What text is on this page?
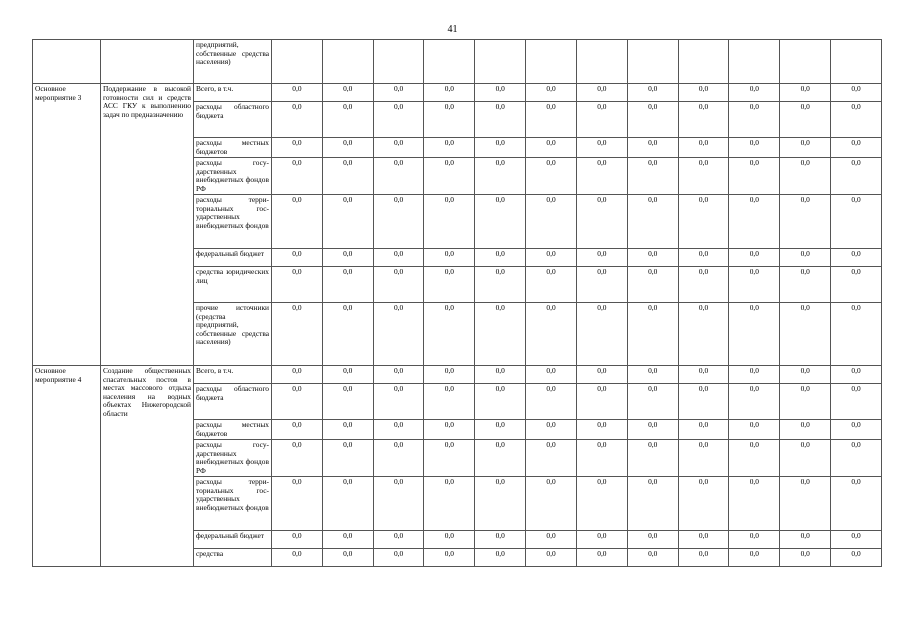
41
		предприятий, собственные средства населения)												
Основное мероприятие 3	Поддержание в высокой готовности сил и средств АСС ГКУ к выполнению задач по предназначению	Всего, в т.ч.	0,0	0,0	0,0	0,0	0,0	0,0	0,0	0,0	0,0	0,0	0,0	0,0
		расходы областного бюджета	0,0	0,0	0,0	0,0	0,0	0,0	0,0	0,0	0,0	0,0	0,0	0,0
		расходы местных бюджетов	0,0	0,0	0,0	0,0	0,0	0,0	0,0	0,0	0,0	0,0	0,0	0,0
		расходы государственных внебюджетных фондов РФ	0,0	0,0	0,0	0,0	0,0	0,0	0,0	0,0	0,0	0,0	0,0	0,0
		расходы территориальных государственных внебюджетных фондов	0,0	0,0	0,0	0,0	0,0	0,0	0,0	0,0	0,0	0,0	0,0	0,0
		федеральный бюджет	0,0	0,0	0,0	0,0	0,0	0,0	0,0	0,0	0,0	0,0	0,0	0,0
		средства юридических лиц	0,0	0,0	0,0	0,0	0,0	0,0	0,0	0,0	0,0	0,0	0,0	0,0
		прочие источники (средства предприятий, собственные средства населения)	0,0	0,0	0,0	0,0	0,0	0,0	0,0	0,0	0,0	0,0	0,0	0,0
Основное мероприятие 4	Создание общественных спасательных постов в местах массового отдыха населения на водных объектах Нижегородской области	Всего, в т.ч.	0,0	0,0	0,0	0,0	0,0	0,0	0,0	0,0	0,0	0,0	0,0	0,0
		расходы областного бюджета	0,0	0,0	0,0	0,0	0,0	0,0	0,0	0,0	0,0	0,0	0,0	0,0
		расходы местных бюджетов	0,0	0,0	0,0	0,0	0,0	0,0	0,0	0,0	0,0	0,0	0,0	0,0
		расходы государственных внебюджетных фондов РФ	0,0	0,0	0,0	0,0	0,0	0,0	0,0	0,0	0,0	0,0	0,0	0,0
		расходы территориальных государственных внебюджетных фондов	0,0	0,0	0,0	0,0	0,0	0,0	0,0	0,0	0,0	0,0	0,0	0,0
		федеральный бюджет	0,0	0,0	0,0	0,0	0,0	0,0	0,0	0,0	0,0	0,0	0,0	0,0
		средства	0,0	0,0	0,0	0,0	0,0	0,0	0,0	0,0	0,0	0,0	0,0	0,0
